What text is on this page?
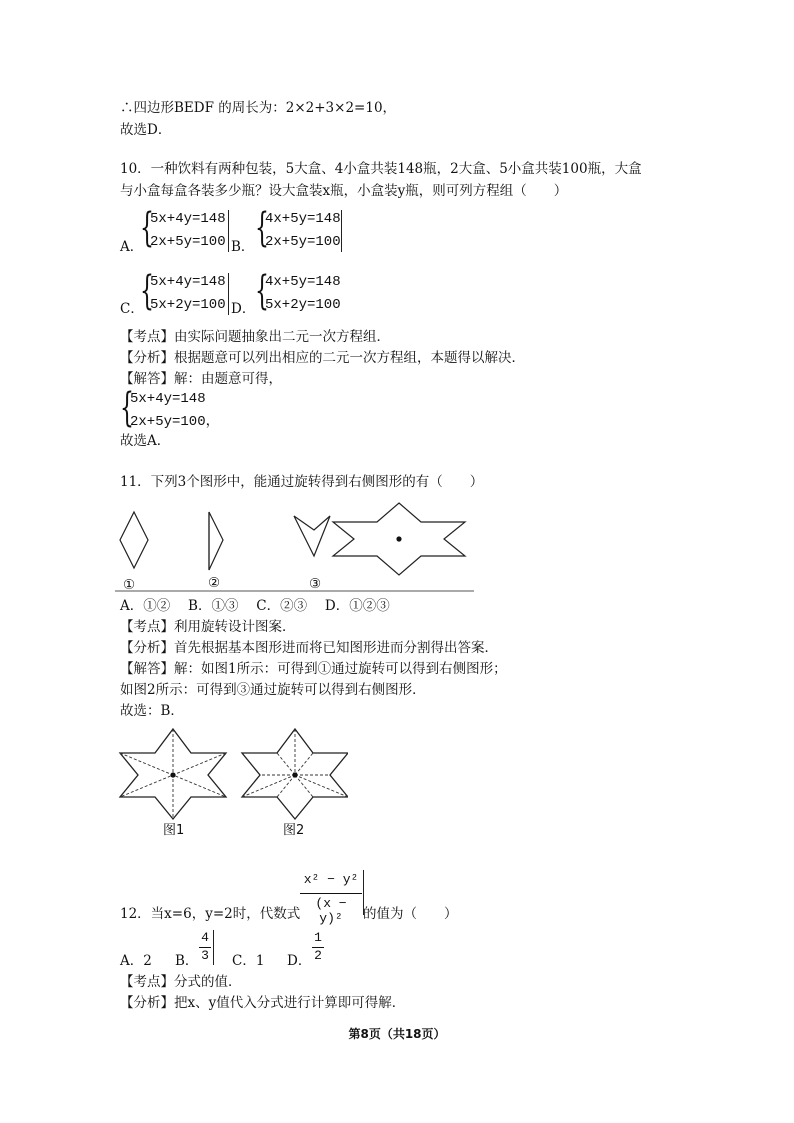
∴四边形BEDF 的周长为：2×2+3×2=10，
故选D．
10．一种饮料有两种包装，5大盒、4小盒共装148瓶，2大盒、5小盒共装100瓶，大盒
与小盒每盒各装多少瓶？设大盒装x瓶，小盒装y瓶，则可列方程组（　　）
A．
{
5x+4y=148
2x+5y=100 B． {
4x+5y=148
2x+5y=100
C．
{
5x+4y=148
5x+2y=100 D． {
4x+5y=148
5x+2y=100
【考点】由实际问题抽象出二元一次方程组．
【分析】根据题意可以列出相应的二元一次方程组，本题得以解决．
【解答】解：由题意可得，
{
5x+4y=148
2x+5y=100，
故选A．
11．下列3个图形中，能通过旋转得到右侧图形的有（　　）
①	②	③
A．①②　 B．①③　 C．②③　 D．①②③
【考点】利用旋转设计图案．
【分析】首先根据基本图形进而将已知图形进而分割得出答案．
【解答】解：如图1所示：可得到①通过旋转可以得到右侧图形；
如图2所示：可得到③通过旋转可以得到右侧图形．
故选：B．
图1	图2
12．当x=6，y=2时，代数式
x² − y²
(x − y)²	的值为（　　）
A．2 B．
4
3 C．1 D．
1
2
【考点】分式的值．
【分析】把x、y值代入分式进行计算即可得解．
第8页（共18页）
